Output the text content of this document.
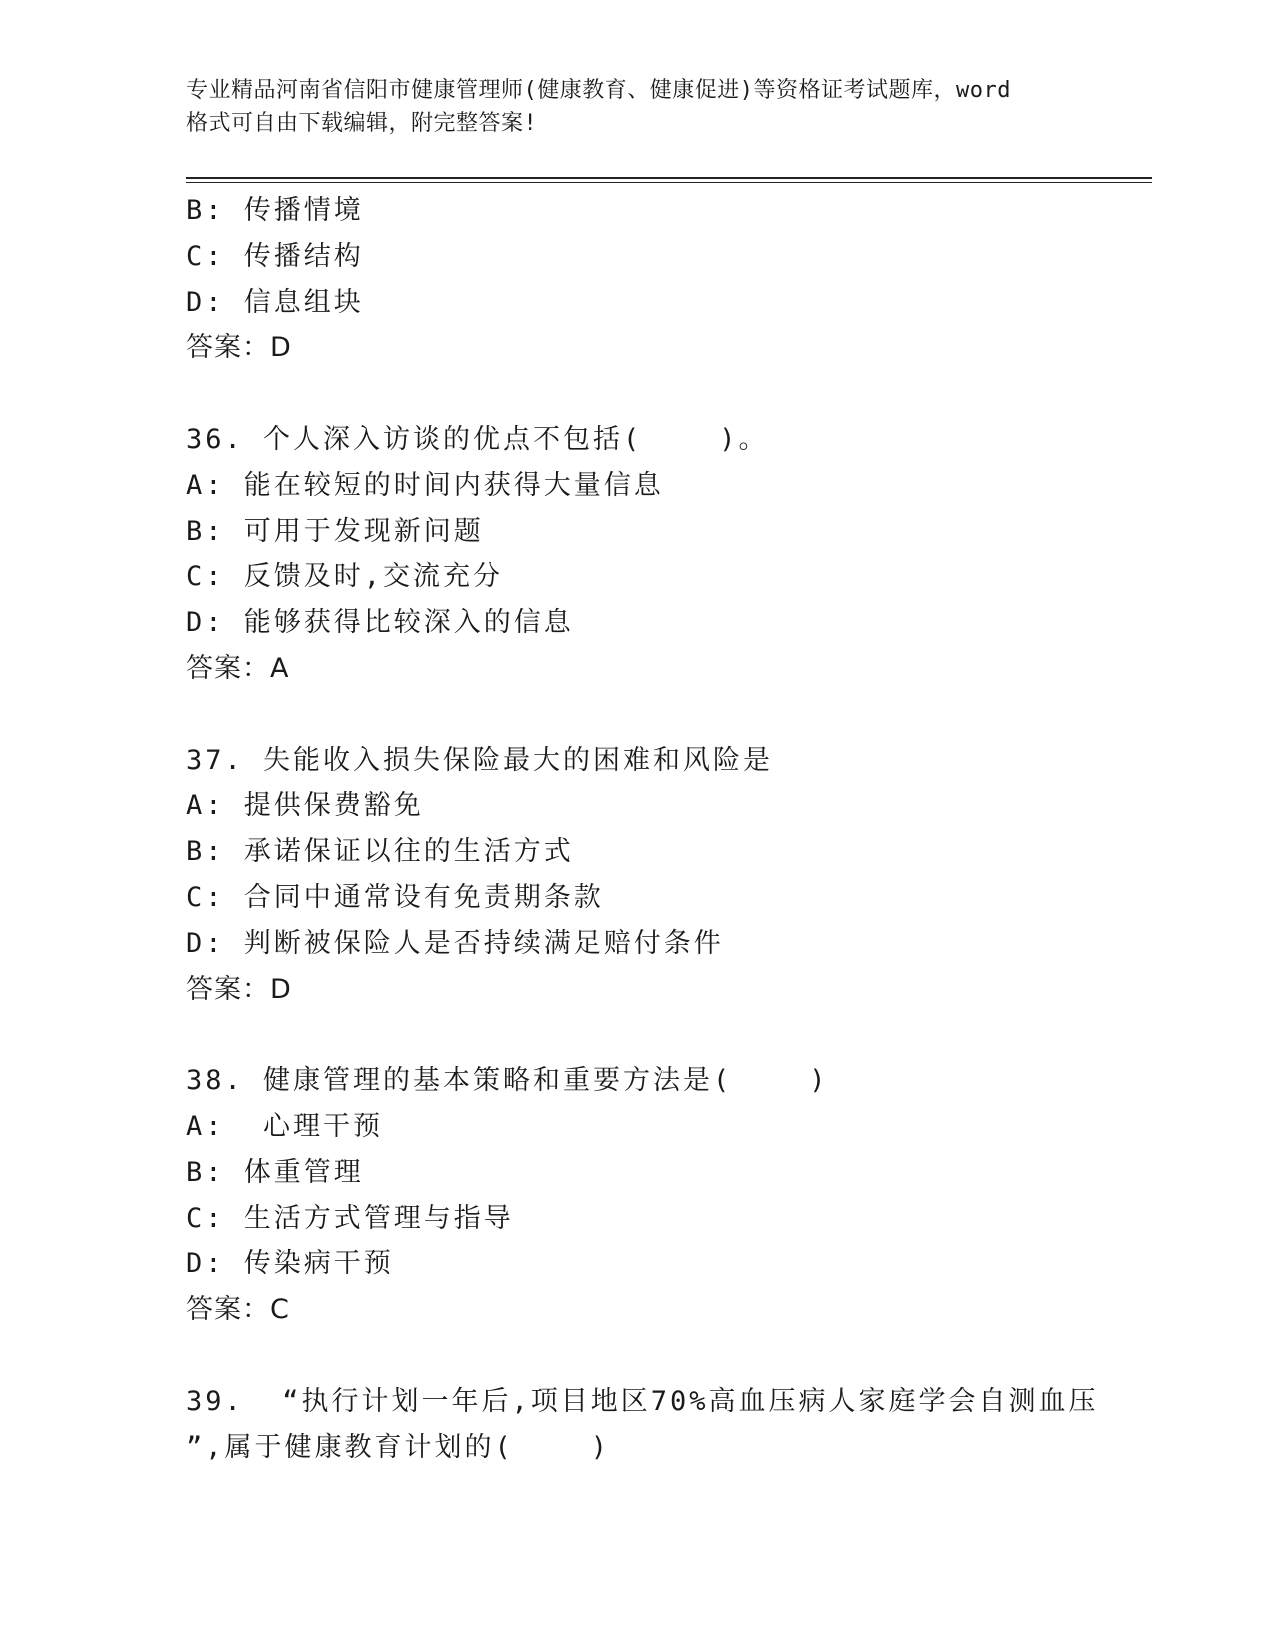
专业精品河南省信阳市健康管理师(健康教育、健康促进)等资格证考试题库，word
格式可自由下载编辑，附完整答案!
B: 传播情境
C: 传播结构
D: 信息组块
答案：D
36. 个人深入访谈的优点不包括(    )。
A: 能在较短的时间内获得大量信息
B: 可用于发现新问题
C: 反馈及时,交流充分
D: 能够获得比较深入的信息
答案：A
37. 失能收入损失保险最大的困难和风险是
A: 提供保费豁免
B: 承诺保证以往的生活方式
C: 合同中通常设有免责期条款
D: 判断被保险人是否持续满足赔付条件
答案：D
38. 健康管理的基本策略和重要方法是(    )
A:  心理干预
B: 体重管理
C: 生活方式管理与指导
D: 传染病干预
答案：C
39.  “执行计划一年后,项目地区70%高血压病人家庭学会自测血压
”,属于健康教育计划的(    )
